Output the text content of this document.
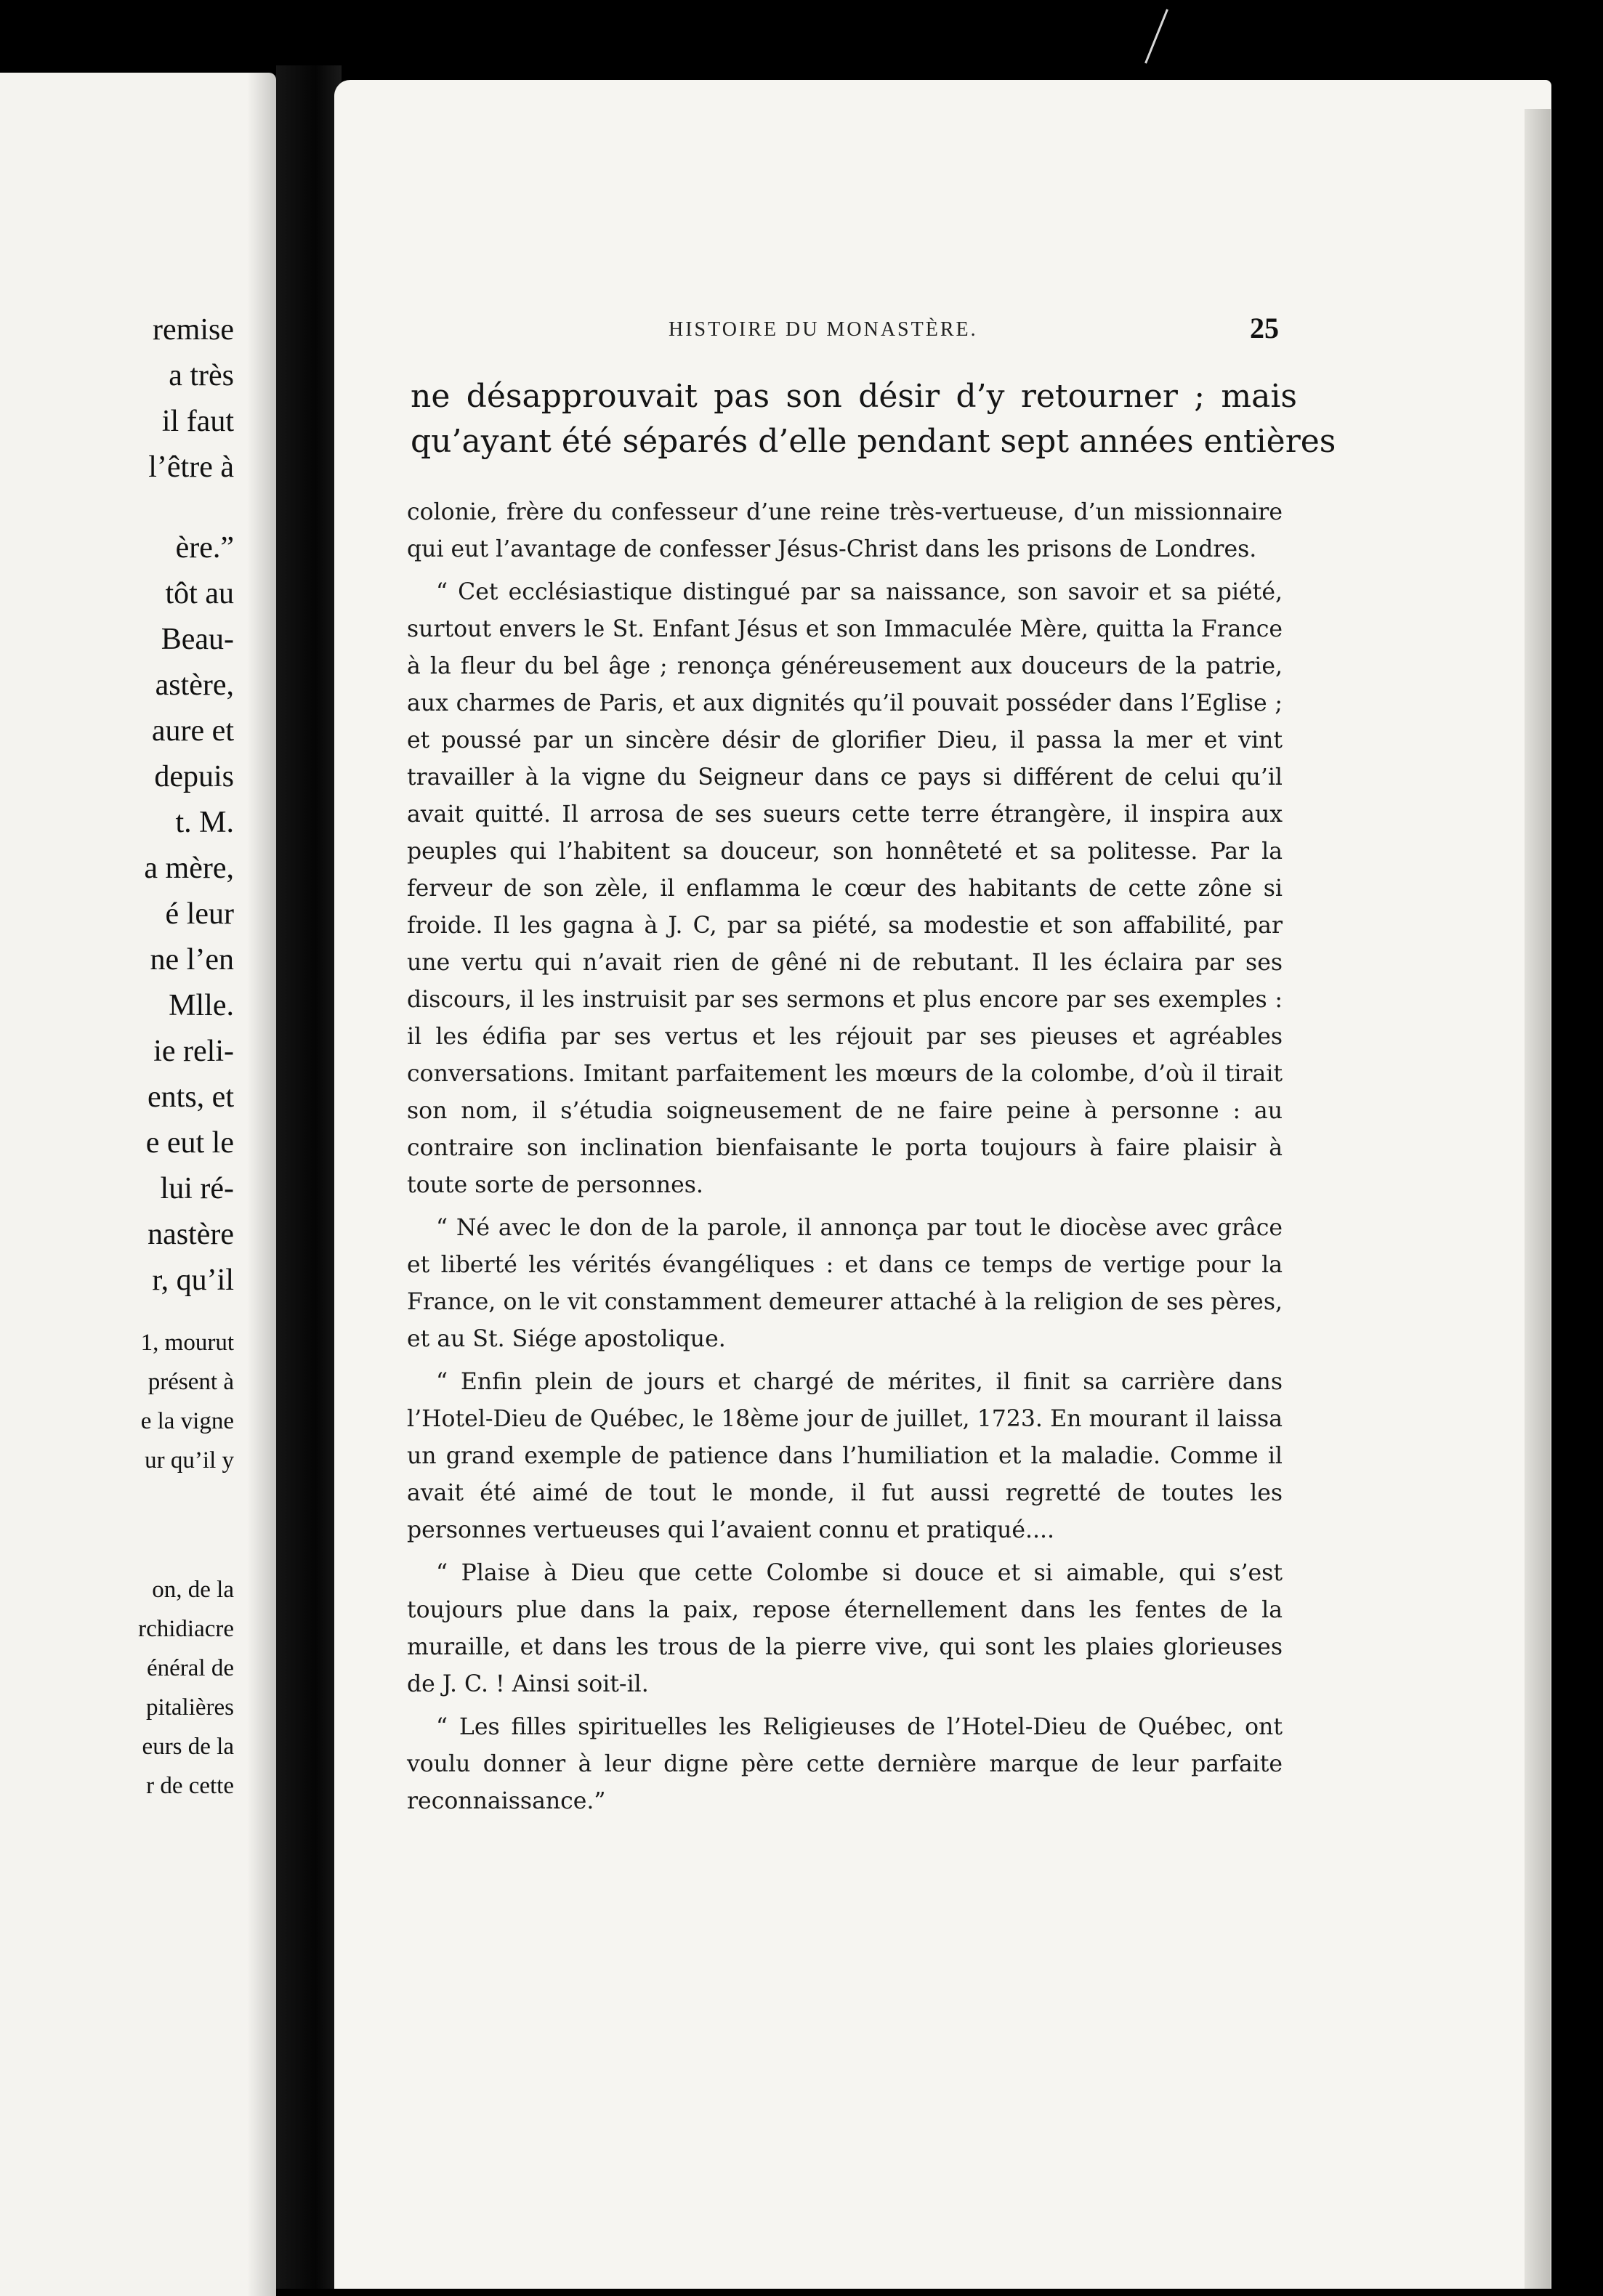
remise
a très
il faut
l’être à
ère.”
tôt au
Beau-
astère,
aure et
depuis
t. M.
a mère,
é leur
ne l’en
Mlle.
ie reli-
ents, et
e eut le
lui ré-
nastère
r, qu’il
1, mourut
présent à
e la vigne
ur qu’il y
on, de la
rchidiacre
énéral de
pitalières
eurs de la
r de cette
HISTOIRE DU MONASTÈRE.	25
ne désapprouvait pas son désir d’y retourner ; mais
qu’ayant été séparés d’elle pendant sept années entières

colonie, frère du confesseur d’une reine très-vertueuse, d’un missionnaire qui eut l’avantage de confesser Jésus-Christ dans les prisons de Londres.

“ Cet ecclésiastique distingué par sa naissance, son savoir et sa piété, surtout envers le St. Enfant Jésus et son Immaculée Mère, quitta la France à la fleur du bel âge ; renonça généreusement aux douceurs de la patrie, aux charmes de Paris, et aux dignités qu’il pouvait posséder dans l’Eglise ; et poussé par un sincère désir de glorifier Dieu, il passa la mer et vint travailler à la vigne du Seigneur dans ce pays si différent de celui qu’il avait quitté. Il arrosa de ses sueurs cette terre étrangère, il inspira aux peuples qui l’habitent sa douceur, son honnêteté et sa politesse. Par la ferveur de son zèle, il enflamma le cœur des habitants de cette zône si froide. Il les gagna à J. C, par sa piété, sa modestie et son affabilité, par une vertu qui n’avait rien de gêné ni de rebutant. Il les éclaira par ses discours, il les instruisit par ses sermons et plus encore par ses exemples : il les édifia par ses vertus et les réjouit par ses pieuses et agréables conversations. Imitant parfaitement les mœurs de la colombe, d’où il tirait son nom, il s’étudia soigneusement de ne faire peine à personne : au contraire son inclination bienfaisante le porta toujours à faire plaisir à toute sorte de personnes.

“ Né avec le don de la parole, il annonça par tout le diocèse avec grâce et liberté les vérités évangéliques : et dans ce temps de vertige pour la France, on le vit constamment demeurer attaché à la religion de ses pères, et au St. Siége apostolique.

“ Enfin plein de jours et chargé de mérites, il finit sa carrière dans l’Hotel-Dieu de Québec, le 18ème jour de juillet, 1723. En mourant il laissa un grand exemple de patience dans l’humiliation et la maladie. Comme il avait été aimé de tout le monde, il fut aussi regretté de toutes les personnes vertueuses qui l’avaient connu et pratiqué....

“ Plaise à Dieu que cette Colombe si douce et si aimable, qui s’est toujours plue dans la paix, repose éternellement dans les fentes de la muraille, et dans les trous de la pierre vive, qui sont les plaies glorieuses de J. C. ! Ainsi soit-il.

“ Les filles spirituelles les Religieuses de l’Hotel-Dieu de Québec, ont voulu donner à leur digne père cette dernière marque de leur parfaite reconnaissance.”
